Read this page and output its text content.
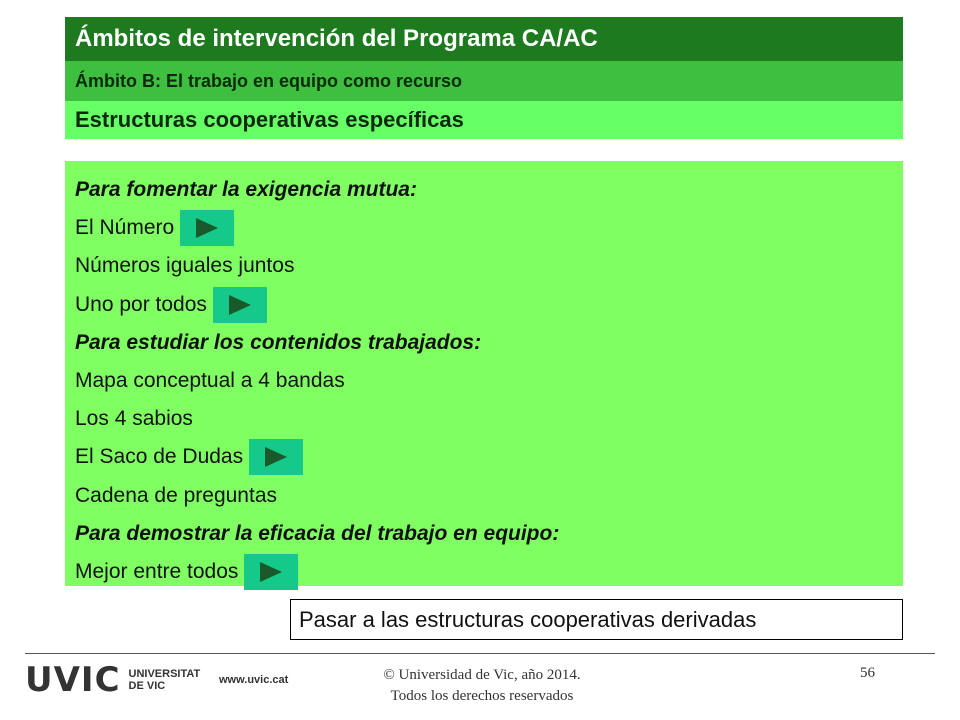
Ámbitos de intervención del Programa CA/AC
Ámbito B: El trabajo en equipo como recurso
Estructuras cooperativas específicas
Para fomentar la exigencia mutua:
El Número
Números iguales juntos
Uno por todos
Para estudiar los contenidos trabajados:
Mapa conceptual a 4 bandas
Los 4 sabios
El Saco de Dudas
Cadena de preguntas
Para demostrar la eficacia del trabajo en equipo:
Mejor entre todos
Pasar a las estructuras cooperativas derivadas
UVIC UNIVERSITAT
DE VIC	www.uvic.cat	© Universidad de Vic, año 2014.
Todos los derechos reservados
56
